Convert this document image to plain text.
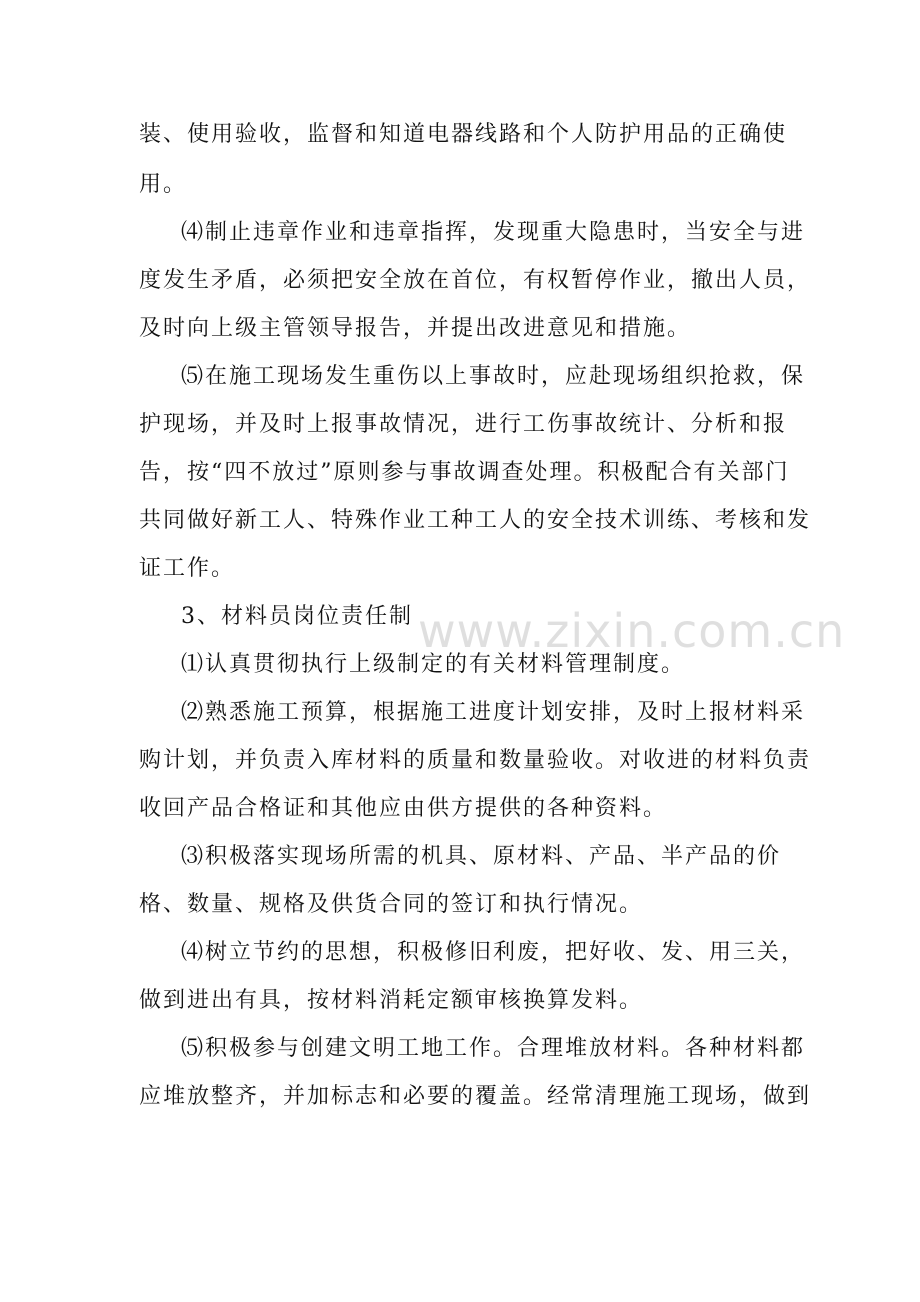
装、使用验收，监督和知道电器线路和个人防护用品的正确使
用。
⑷制止违章作业和违章指挥，发现重大隐患时，当安全与进
度发生矛盾，必须把安全放在首位，有权暂停作业，撤出人员，
及时向上级主管领导报告，并提出改进意见和措施。
⑸在施工现场发生重伤以上事故时，应赴现场组织抢救，保
护现场，并及时上报事故情况，进行工伤事故统计、分析和报
告，按“四不放过”原则参与事故调查处理。积极配合有关部门
共同做好新工人、特殊作业工种工人的安全技术训练、考核和发
证工作。
3、材料员岗位责任制
⑴认真贯彻执行上级制定的有关材料管理制度。
⑵熟悉施工预算，根据施工进度计划安排，及时上报材料采
购计划，并负责入库材料的质量和数量验收。对收进的材料负责
收回产品合格证和其他应由供方提供的各种资料。
⑶积极落实现场所需的机具、原材料、产品、半产品的价
格、数量、规格及供货合同的签订和执行情况。
⑷树立节约的思想，积极修旧利废，把好收、发、用三关，
做到进出有具，按材料消耗定额审核换算发料。
⑸积极参与创建文明工地工作。合理堆放材料。各种材料都
应堆放整齐，并加标志和必要的覆盖。经常清理施工现场，做到
www.zixin.com.cn
